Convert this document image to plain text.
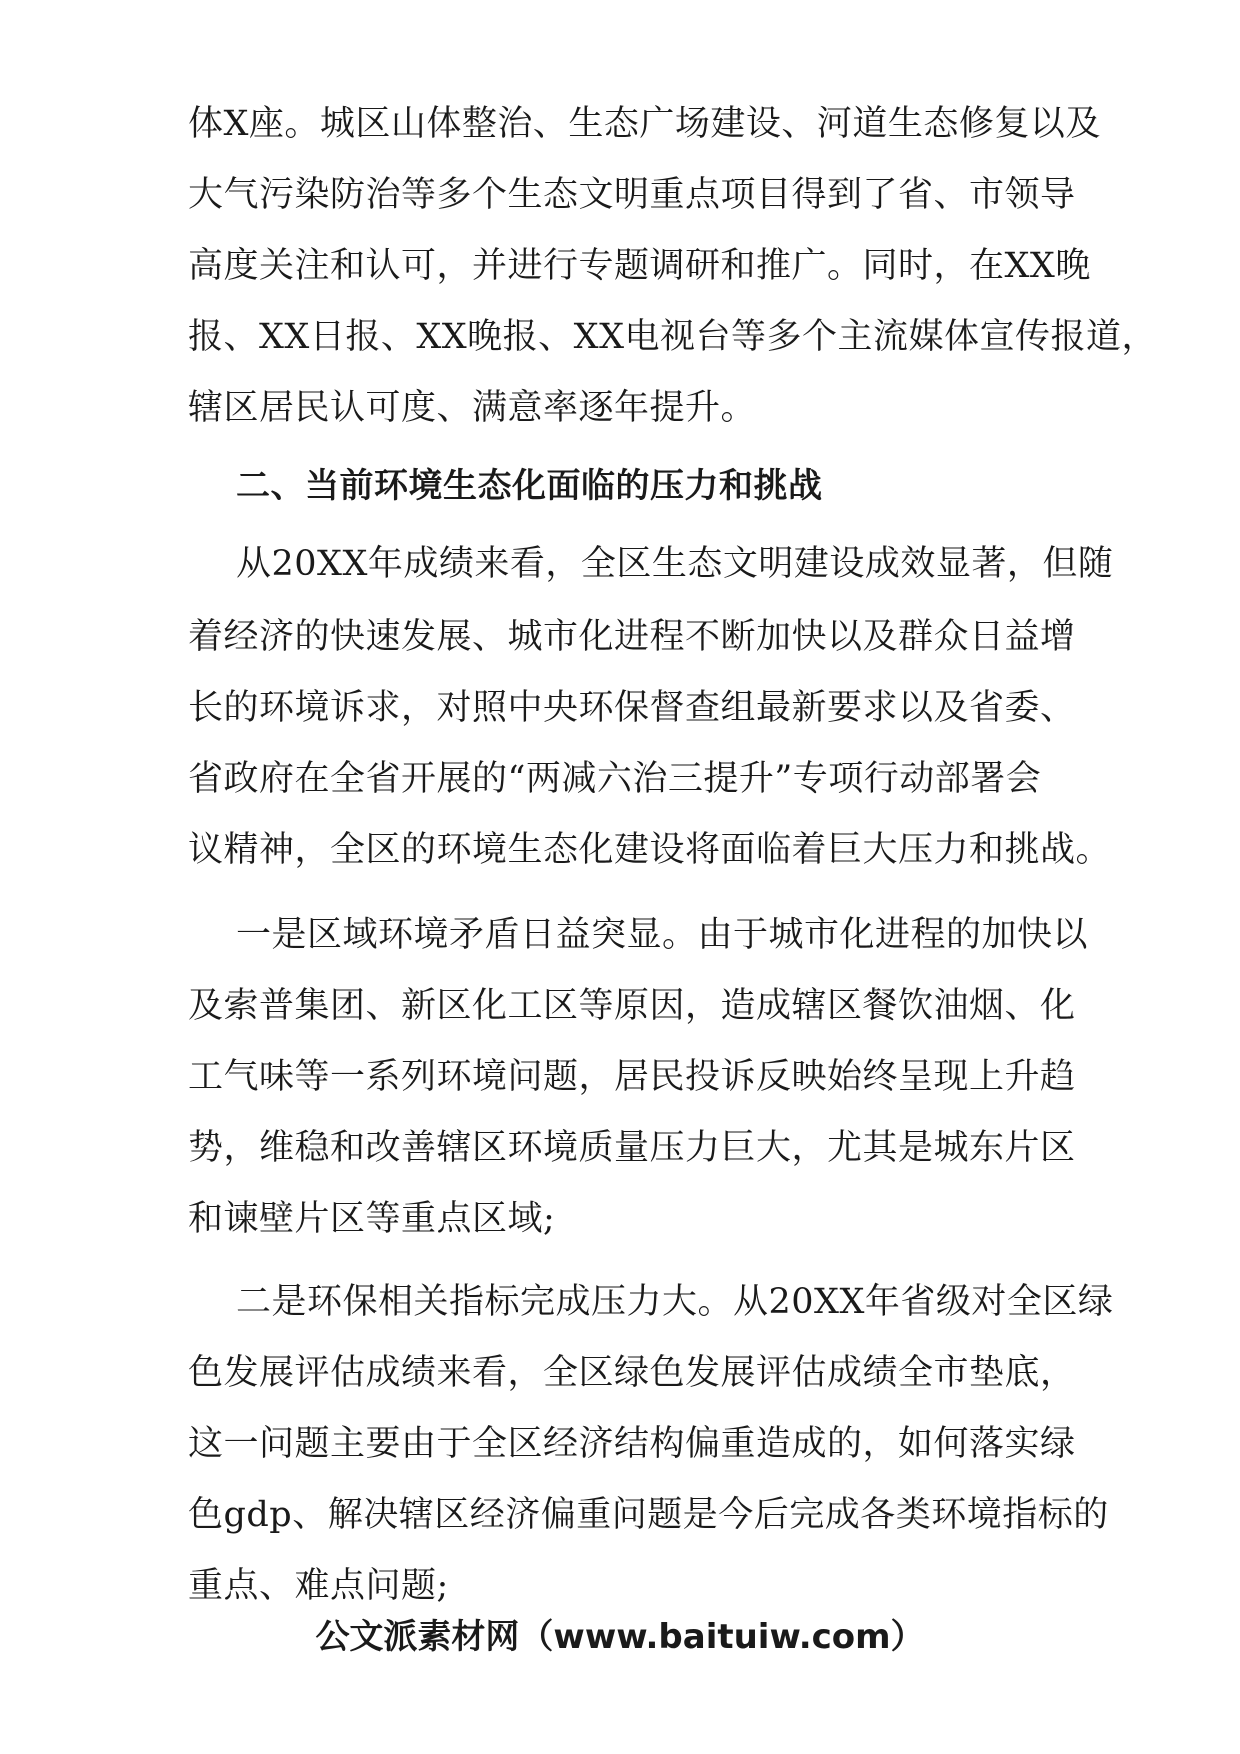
体X座。城区山体整治、生态广场建设、河道生态修复以及
大气污染防治等多个生态文明重点项目得到了省、市领导
高度关注和认可，并进行专题调研和推广。同时，在XX晚
报、XX日报、XX晚报、XX电视台等多个主流媒体宣传报道，
辖区居民认可度、满意率逐年提升。
二、当前环境生态化面临的压力和挑战
从20XX年成绩来看，全区生态文明建设成效显著，但随
着经济的快速发展、城市化进程不断加快以及群众日益增
长的环境诉求，对照中央环保督查组最新要求以及省委、
省政府在全省开展的“两减六治三提升”专项行动部署会
议精神，全区的环境生态化建设将面临着巨大压力和挑战。
一是区域环境矛盾日益突显。由于城市化进程的加快以
及索普集团、新区化工区等原因，造成辖区餐饮油烟、化
工气味等一系列环境问题，居民投诉反映始终呈现上升趋
势，维稳和改善辖区环境质量压力巨大，尤其是城东片区
和谏壁片区等重点区域;
二是环保相关指标完成压力大。从20XX年省级对全区绿
色发展评估成绩来看，全区绿色发展评估成绩全市垫底，
这一问题主要由于全区经济结构偏重造成的，如何落实绿
色gdp、解决辖区经济偏重问题是今后完成各类环境指标的
重点、难点问题;
公文派素材网（www.baituiw.com）
